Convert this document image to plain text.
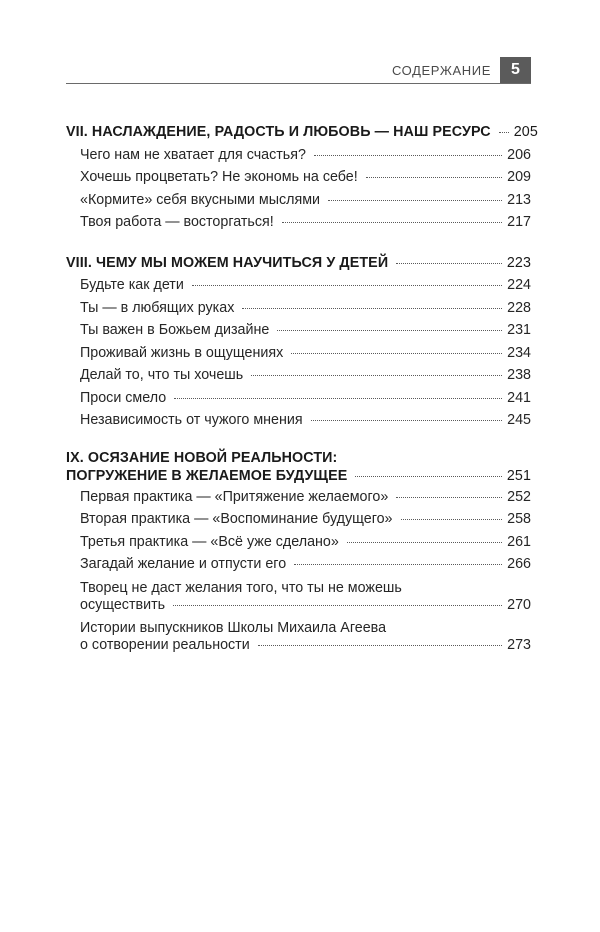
СОДЕРЖАНИЕ	5
VII. НАСЛАЖДЕНИЕ, РАДОСТЬ И ЛЮБОВЬ — НАШ РЕСУРС 205
Чего нам не хватает для счастья?	206
Хочешь процветать? Не экономь на себе!	209
«Кормите» себя вкусными мыслями	213
Твоя работа — восторгаться!	217
VIII. ЧЕМУ МЫ МОЖЕМ НАУЧИТЬСЯ У ДЕТЕЙ	223
Будьте как дети	224
Ты — в любящих руках	228
Ты важен в Божьем дизайне	231
Проживай жизнь в ощущениях	234
Делай то, что ты хочешь	238
Проси смело	241
Независимость от чужого мнения	245
IX. ОСЯЗАНИЕ НОВОЙ РЕАЛЬНОСТИ:
ПОГРУЖЕНИЕ В ЖЕЛАЕМОЕ БУДУЩЕЕ	251
Первая практика — «Притяжение желаемого»	252
Вторая практика — «Воспоминание будущего»	258
Третья практика — «Всё уже сделано»	261
Загадай желание и отпусти его	266
Творец не даст желания того, что ты не можешь
осуществить	270
Истории выпускников Школы Михаила Агеева
о сотворении реальности	273
